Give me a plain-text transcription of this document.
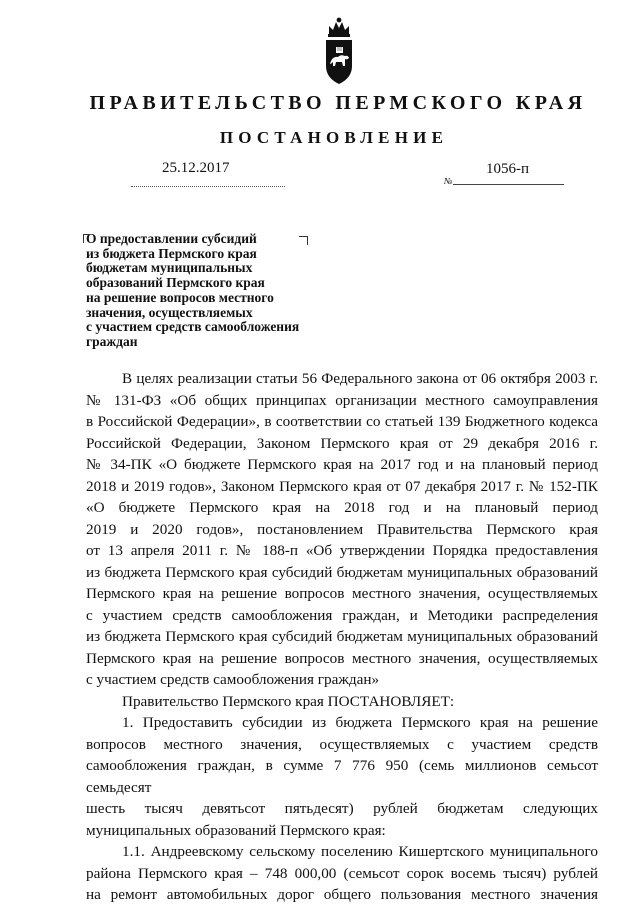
ПРАВИТЕЛЬСТВО ПЕРМСКОГО КРАЯ
ПОСТАНОВЛЕНИЕ
25.12.2017
№
1056-п
О предоставлении субсидий
из бюджета Пермского края
бюджетам муниципальных
образований Пермского края
на решение вопросов местного
значения, осуществляемых
с участием средств самообложения
граждан

В целях реализации статьи 56 Федерального закона от 06 октября 2003 г.

№ 131-ФЗ «Об общих принципах организации местного самоуправления

в Российской Федерации», в соответствии со статьей 139 Бюджетного кодекса

Российской Федерации, Законом Пермского края от 29 декабря 2016 г.

№ 34-ПК «О бюджете Пермского края на 2017 год и на плановый период

2018 и 2019 годов», Законом Пермского края от 07 декабря 2017 г. № 152-ПК

«О бюджете Пермского края на 2018 год и на плановый период

2019 и 2020 годов», постановлением Правительства Пермского края

от 13 апреля 2011 г. № 188-п «Об утверждении Порядка предоставления

из бюджета Пермского края субсидий бюджетам муниципальных образований

Пермского края на решение вопросов местного значения, осуществляемых

с участием средств самообложения граждан, и Методики распределения

из бюджета Пермского края субсидий бюджетам муниципальных образований

Пермского края на решение вопросов местного значения, осуществляемых

с участием средств самообложения граждан»

Правительство Пермского края ПОСТАНОВЛЯЕТ:

1. Предоставить субсидии из бюджета Пермского края на решение

вопросов местного значения, осуществляемых с участием средств

самообложения граждан, в сумме 7 776 950 (семь миллионов семьсот семьдесят

шесть тысяч девятьсот пятьдесят) рублей бюджетам следующих

муниципальных образований Пермского края:

1.1. Андреевскому сельскому поселению Кишертского муниципального

района Пермского края – 748 000,00 (семьсот сорок восемь тысяч) рублей

на ремонт автомобильных дорог общего пользования местного значения
